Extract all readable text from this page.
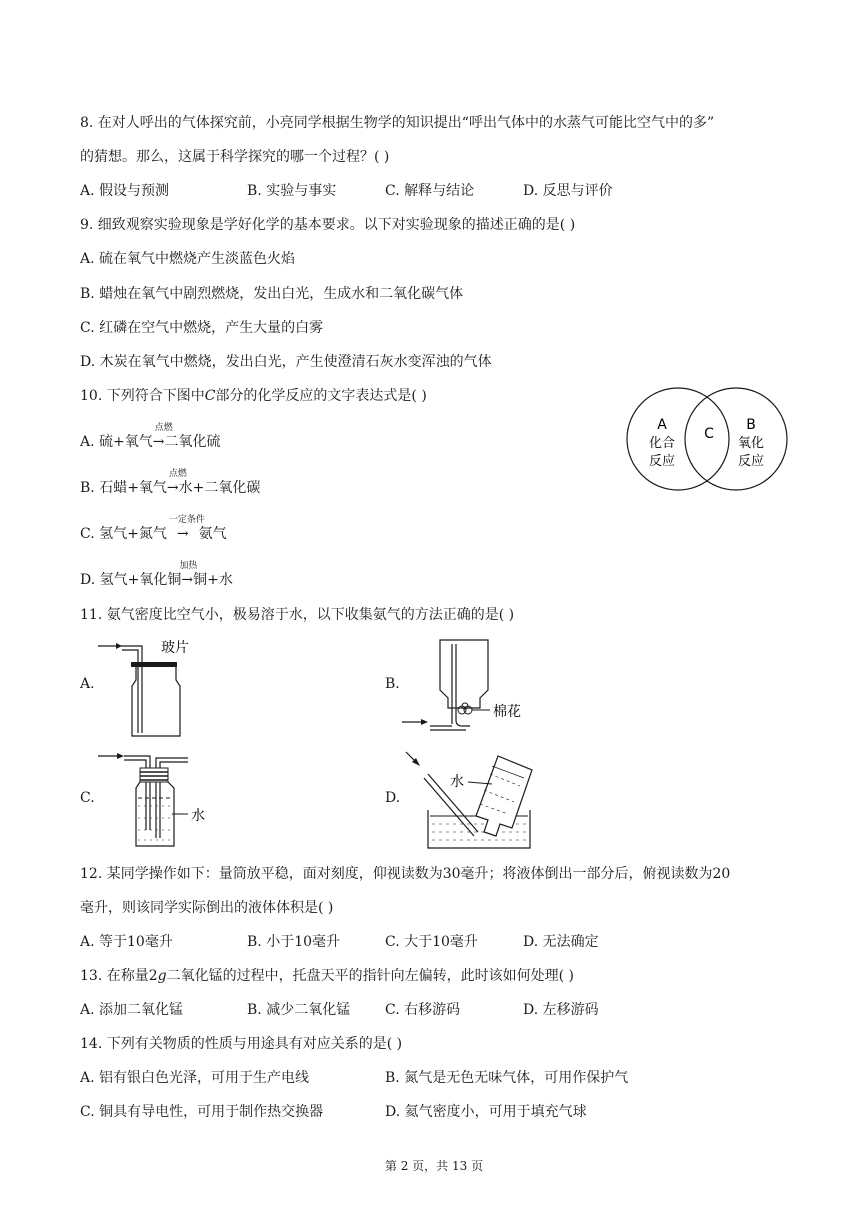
8. 在对人呼出的气体探究前，小亮同学根据生物学的知识提出“呼出气体中的水蒸气可能比空气中的多”
的猜想。那么，这属于科学探究的哪一个过程？( )
A. 假设与预测	B. 实验与事实	C. 解释与结论	D. 反思与评价
9. 细致观察实验现象是学好化学的基本要求。以下对实验现象的描述正确的是( )
A. 硫在氧气中燃烧产生淡蓝色火焰
B. 蜡烛在氧气中剧烈燃烧，发出白光，生成水和二氧化碳气体
C. 红磷在空气中燃烧，产生大量的白雾
D. 木炭在氧气中燃烧，发出白光，产生使澄清石灰水变浑浊的气体
10. 下列符合下图中C部分的化学反应的文字表达式是( )
A. 硫+氧气
点燃
→二氧化硫
B. 石蜡+氧气
点燃
→水+二氧化碳
C. 氢气+氮气
一定条件
→ 氨气
D. 氢气+氧化铜
加热
→铜+水
A
化合
反应
C
B
氧化
反应
11. 氨气密度比空气小，极易溶于水，以下收集氨气的方法正确的是( )
A.	B.
C.	D.
玻片
棉花
水
水
12. 某同学操作如下：量筒放平稳，面对刻度，仰视读数为30毫升；将液体倒出一部分后，俯视读数为20
毫升，则该同学实际倒出的液体体积是( )
A. 等于10毫升	B. 小于10毫升	C. 大于10毫升	D. 无法确定
13. 在称量2g二氧化锰的过程中，托盘天平的指针向左偏转，此时该如何处理( )
A. 添加二氧化锰	B. 减少二氧化锰 C. 右移游码	D. 左移游码
14. 下列有关物质的性质与用途具有对应关系的是( )
A. 铝有银白色光泽，可用于生产电线	B. 氮气是无色无味气体，可用作保护气
C. 铜具有导电性，可用于制作热交换器	D. 氦气密度小，可用于填充气球
第 2 页，共 13 页
